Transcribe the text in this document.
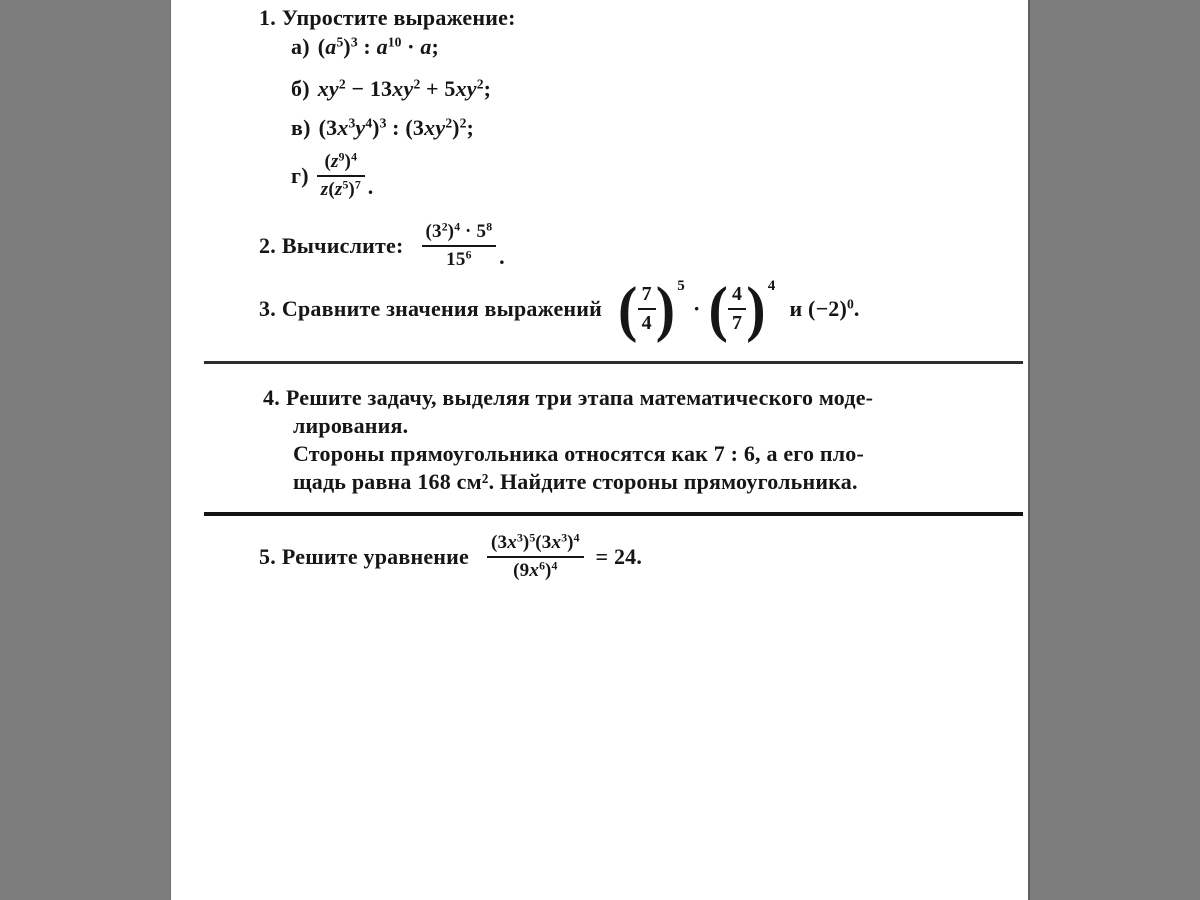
1. Упростите выражение:
а) $(a^5)^3$ : $a^{10} \cdot a$;
б) $xy^2 - 13xy^2 + 5xy^2$;
в) $(3x^3y^4)^3$ : $(3xy^2)^2$;
$г) \frac{(z^9)^4}{z(z^5)^7}$ .
2. Вычислите: $\frac{(3^2)^4 \cdot 5^8}{15^6}$ .
3. Сравните значения выражений ( $\frac{7}{4}$ ) 5
· ( $\frac{4}{7}$ ) 4
и $(-2)^0$.
4. Решите задачу, выделяя три этапа математического моде-
лирования.
Стороны прямоугольника относятся как 7 : 6, а его пло-
щадь равна 168 см². Найдите стороны прямоугольника.
5. Решите уравнение $\frac{(3x^3)^5(3x^3)^4}{(9x^6)^4} = 24$.
